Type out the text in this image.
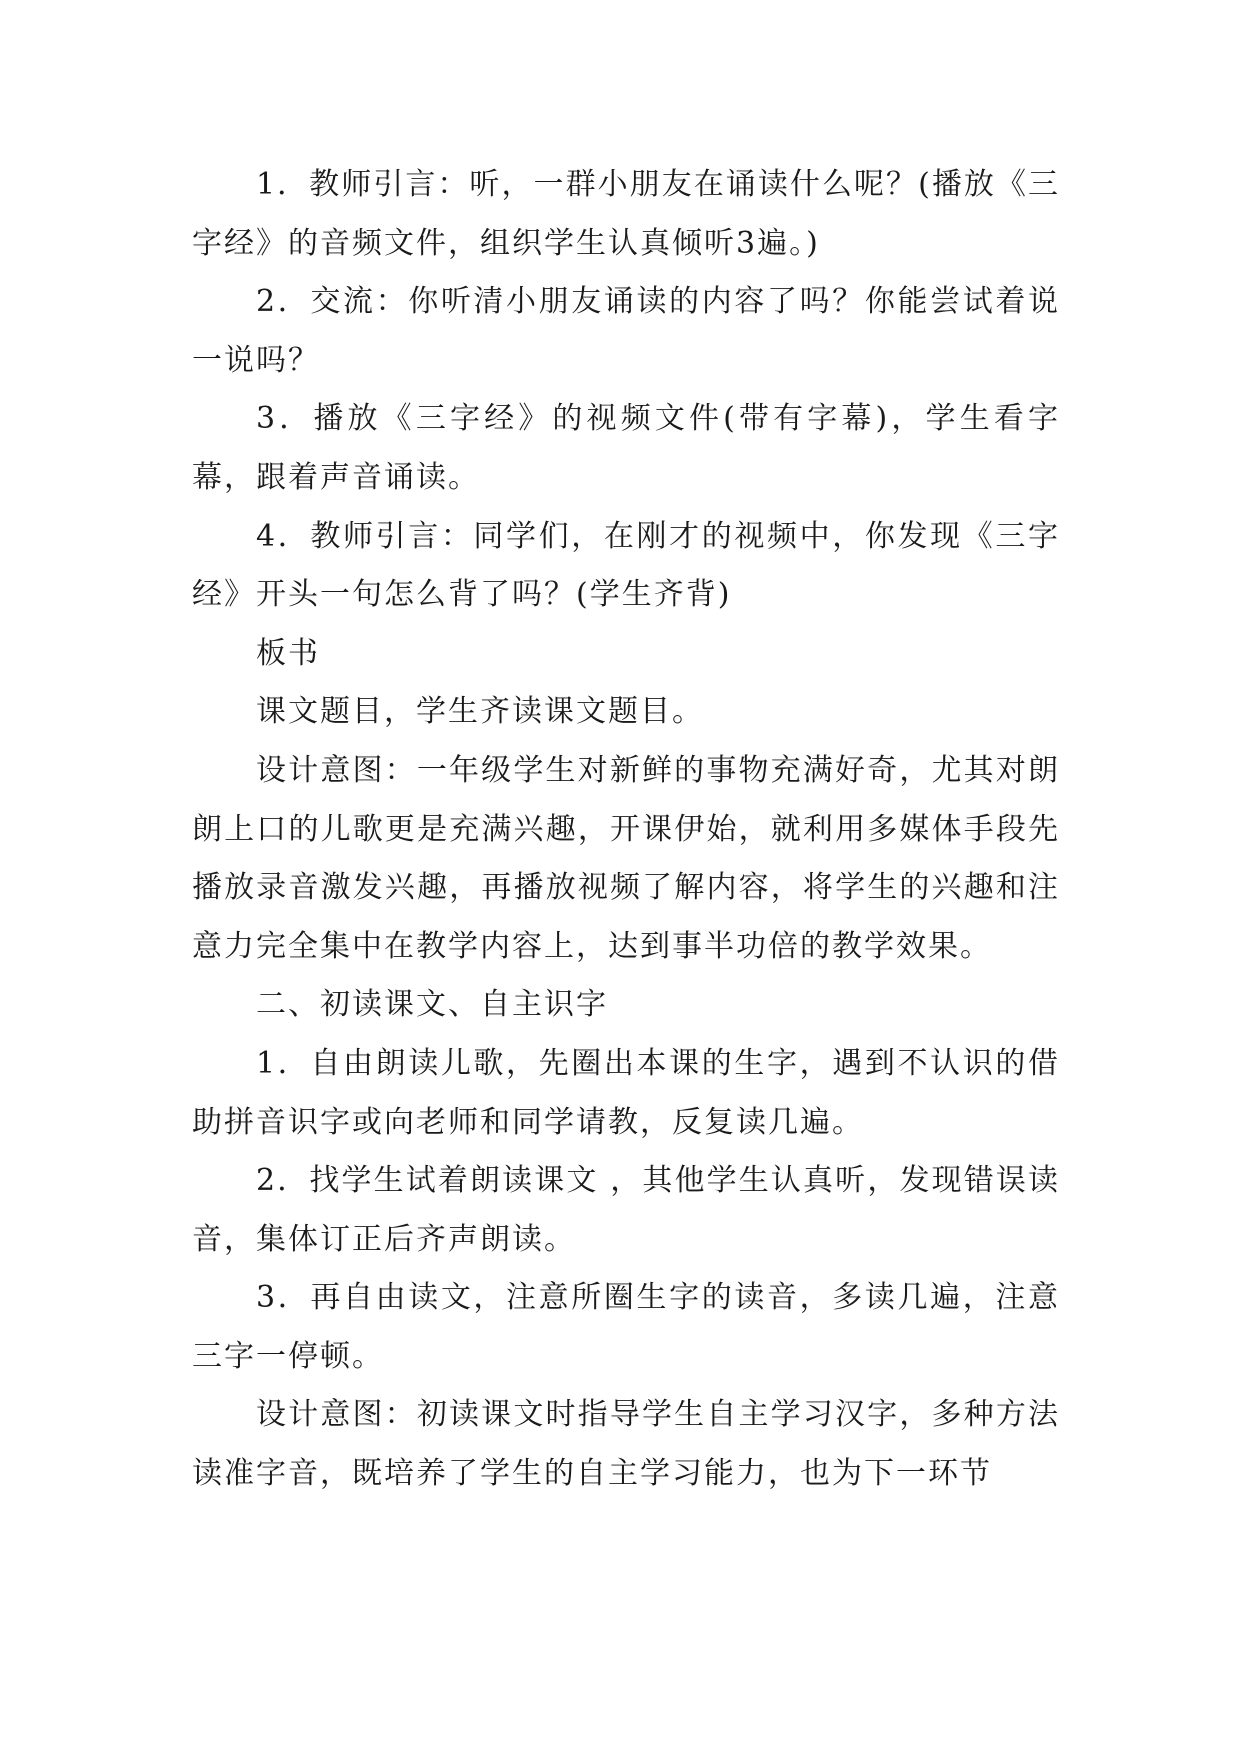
1．教师引言：听，一群小朋友在诵读什么呢？(播放《三字经》的音频文件，组织学生认真倾听3遍。)

2．交流：你听清小朋友诵读的内容了吗？你能尝试着说一说吗？

3．播放《三字经》的视频文件(带有字幕)，学生看字幕，跟着声音诵读。

4．教师引言：同学们，在刚才的视频中，你发现《三字经》开头一句怎么背了吗？(学生齐背)

板书

课文题目，学生齐读课文题目。

设计意图：一年级学生对新鲜的事物充满好奇，尤其对朗朗上口的儿歌更是充满兴趣，开课伊始，就利用多媒体手段先播放录音激发兴趣，再播放视频了解内容，将学生的兴趣和注意力完全集中在教学内容上，达到事半功倍的教学效果。

二、初读课文、自主识字

1．自由朗读儿歌，先圈出本课的生字，遇到不认识的借助拼音识字或向老师和同学请教，反复读几遍。

2．找学生试着朗读课文 ，其他学生认真听，发现错误读音，集体订正后齐声朗读。

3．再自由读文，注意所圈生字的读音，多读几遍，注意三字一停顿。

设计意图：初读课文时指导学生自主学习汉字，多种方法读准字音，既培养了学生的自主学习能力，也为下一环节
